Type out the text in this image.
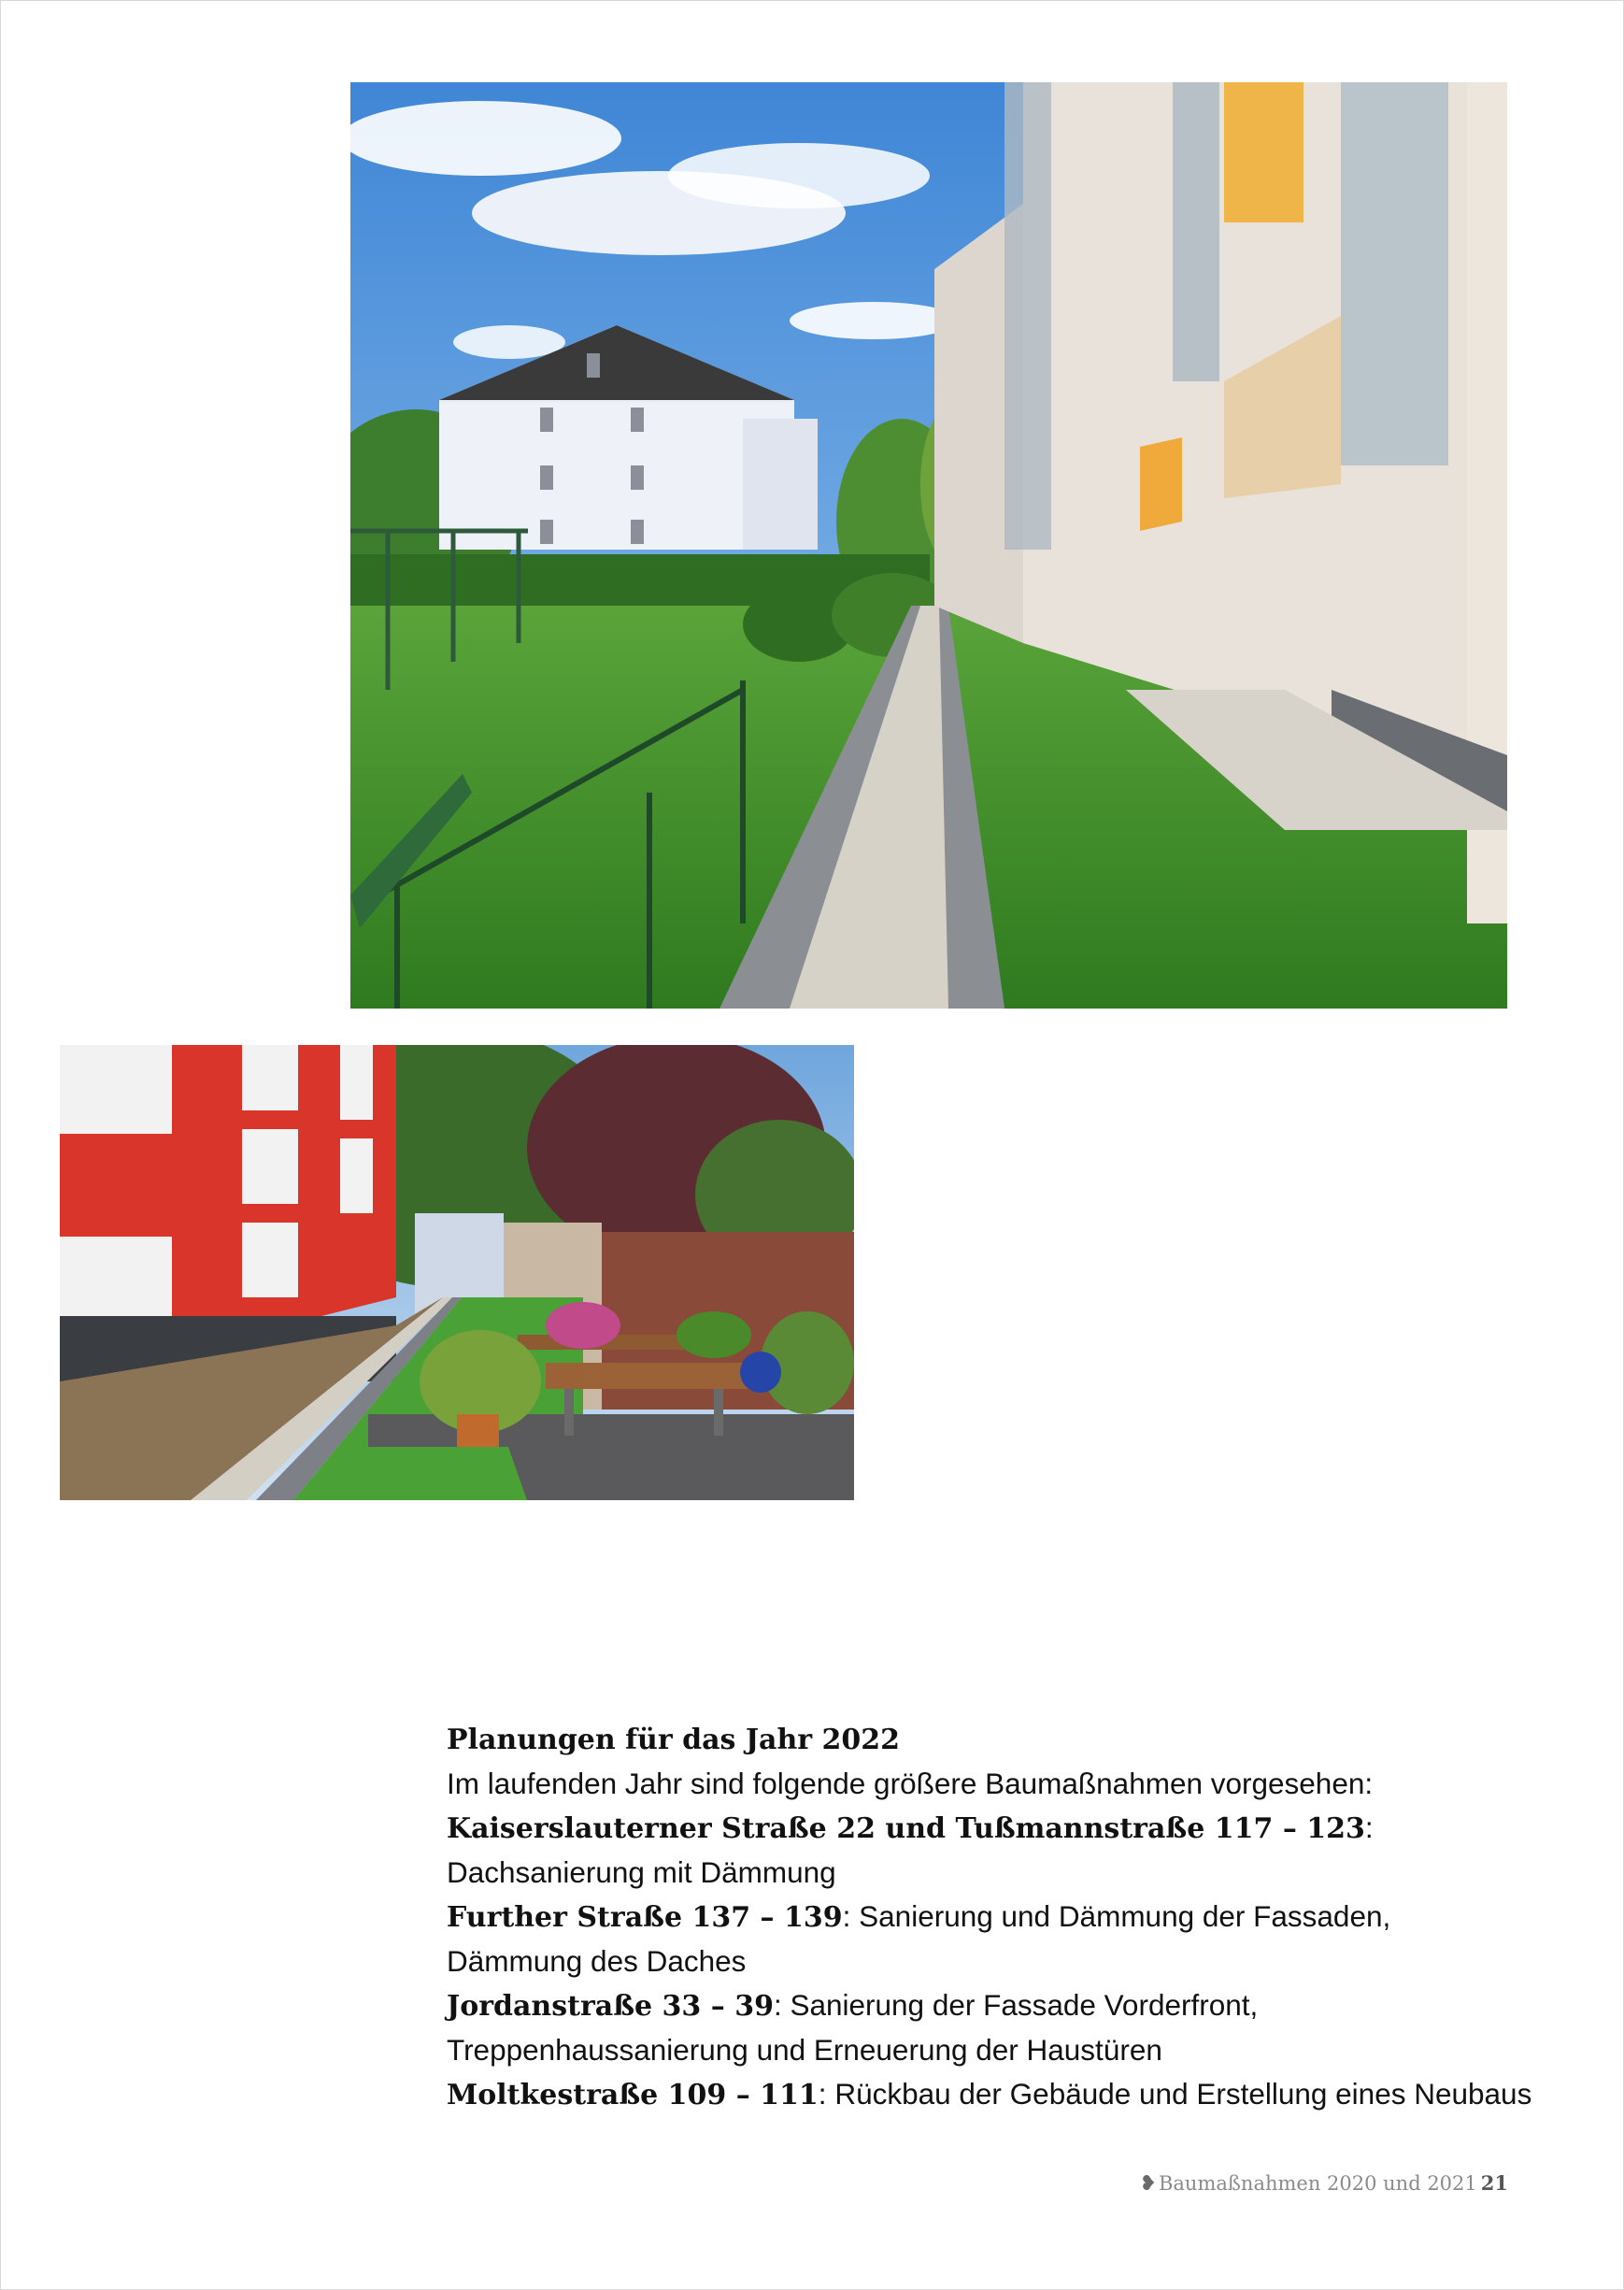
Planungen für das Jahr 2022
Im laufenden Jahr sind folgende größere Baumaßnahmen vorgesehen:
Kaiserslauterner Straße 22 und Tußmannstraße 117 – 123:
Dachsanierung mit Dämmung
Further Straße 137 – 139: Sanierung und Dämmung der Fassaden,
Dämmung des Daches
Jordanstraße 33 – 39: Sanierung der Fassade Vorderfront,
Treppenhaussanierung und Erneuerung der Haustüren
Moltkestraße 109 – 111: Rückbau der Gebäude und Erstellung eines Neubaus
❥Baumaßnahmen 2020 und 2021 21
